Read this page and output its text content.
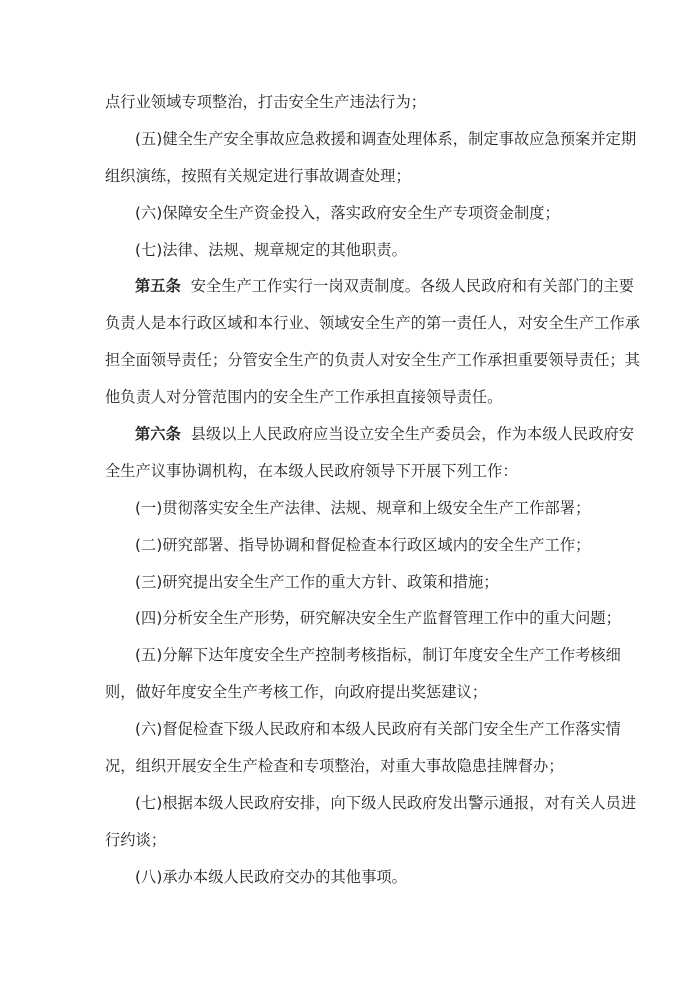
点行业领域专项整治，打击安全生产违法行为；
(五)健全生产安全事故应急救援和调查处理体系，制定事故应急预案并定期
组织演练，按照有关规定进行事故调查处理；
(六)保障安全生产资金投入，落实政府安全生产专项资金制度；
(七)法律、法规、规章规定的其他职责。
第五条 安全生产工作实行一岗双责制度。各级人民政府和有关部门的主要
负责人是本行政区域和本行业、领域安全生产的第一责任人，对安全生产工作承
担全面领导责任；分管安全生产的负责人对安全生产工作承担重要领导责任；其
他负责人对分管范围内的安全生产工作承担直接领导责任。
第六条 县级以上人民政府应当设立安全生产委员会，作为本级人民政府安
全生产议事协调机构，在本级人民政府领导下开展下列工作：
(一)贯彻落实安全生产法律、法规、规章和上级安全生产工作部署；
(二)研究部署、指导协调和督促检查本行政区域内的安全生产工作；
(三)研究提出安全生产工作的重大方针、政策和措施；
(四)分析安全生产形势，研究解决安全生产监督管理工作中的重大问题；
(五)分解下达年度安全生产控制考核指标，制订年度安全生产工作考核细
则，做好年度安全生产考核工作，向政府提出奖惩建议；
(六)督促检查下级人民政府和本级人民政府有关部门安全生产工作落实情
况，组织开展安全生产检查和专项整治，对重大事故隐患挂牌督办；
(七)根据本级人民政府安排，向下级人民政府发出警示通报，对有关人员进
行约谈；
(八)承办本级人民政府交办的其他事项。
